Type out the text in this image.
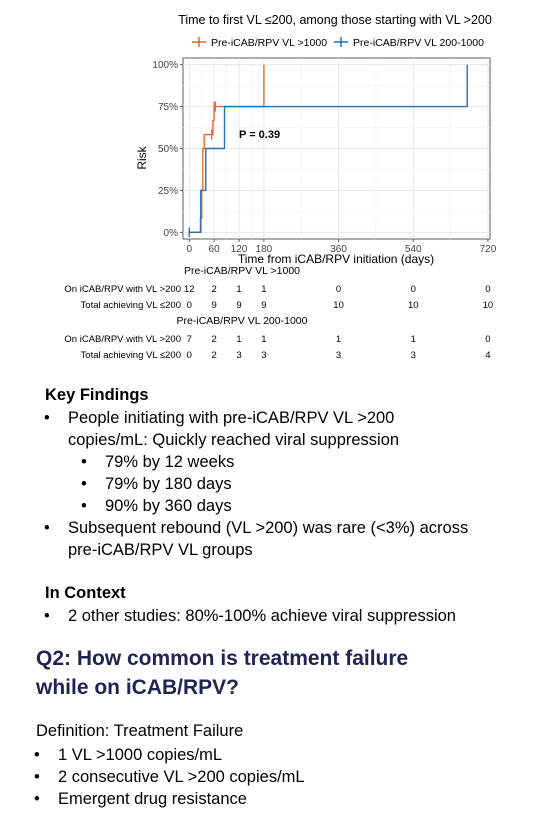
Time to first VL ≤200, among those starting with VL >200
Pre-iCAB/RPV VL >1000 Pre-iCAB/RPV VL 200-1000
P = 0.39
0%
25%
50%
75%
100%
0 60 120 180	360	540	720
Risk
Time from iCAB/RPV initiation (days)
Pre-iCAB/RPV VL >1000
On iCAB/RPV with VL >200 12 2 1 1	0	0	0
Total achieving VL ≤200 0 9 9 9	10	10	10
Pre-iCAB/RPV VL 200-1000
On iCAB/RPV with VL >200 7 2 1 1	1	1	0
Total achieving VL ≤200 0 2 3 3	3	3	4
Key Findings
• People initiating with pre-iCAB/RPV VL >200
copies/mL: Quickly reached viral suppression
• 79% by 12 weeks
• 79% by 180 days
• 90% by 360 days
• Subsequent rebound (VL >200) was rare (<3%) across
pre-iCAB/RPV VL groups
In Context
• 2 other studies: 80%-100% achieve viral suppression
Q2: How common is treatment failure
while on iCAB/RPV?
Definition: Treatment Failure
• 1 VL >1000 copies/mL
• 2 consecutive VL >200 copies/mL
• Emergent drug resistance
